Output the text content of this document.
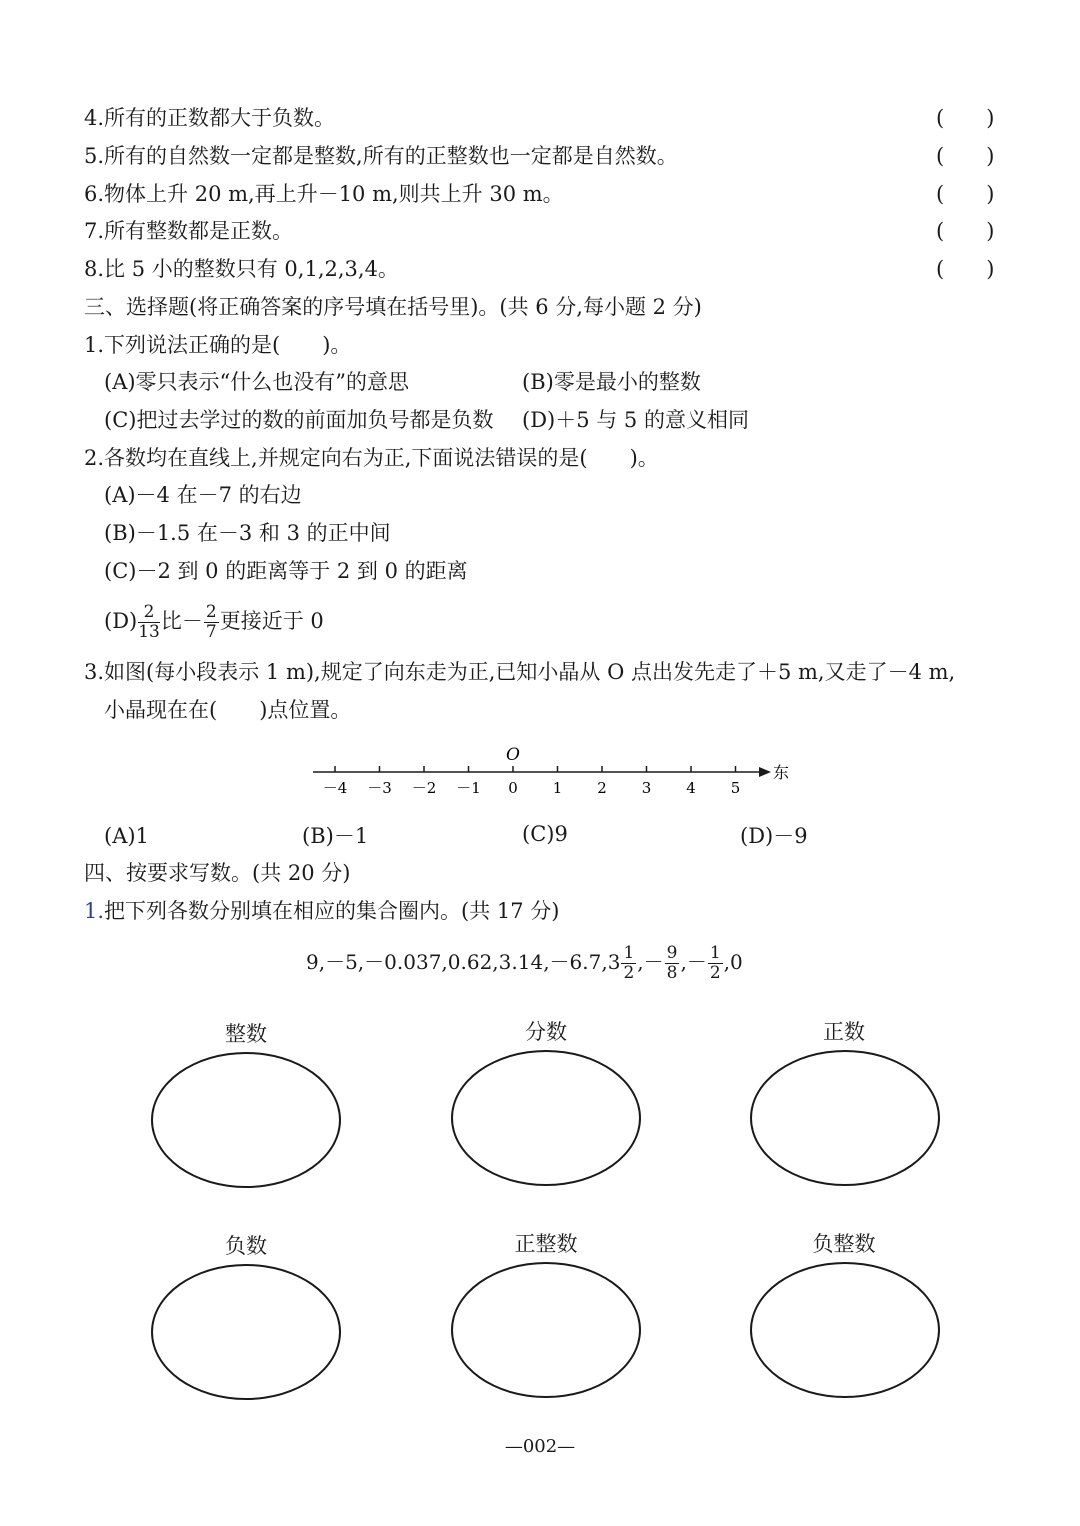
4.所有的正数都大于负数。	(　　)
5.所有的自然数一定都是整数,所有的正整数也一定都是自然数。	(　　)
6.物体上升 20 m,再上升－10 m,则共上升 30 m。	(　　)
7.所有整数都是正数。	(　　)
8.比 5 小的整数只有 0,1,2,3,4。	(　　)
三、选择题(将正确答案的序号填在括号里)。(共 6 分,每小题 2 分)
1.下列说法正确的是(　　)。
(A)零只表示“什么也没有”的意思	(B)零是最小的整数
(C)把过去学过的数的前面加负号都是负数 (D)＋5 与 5 的意义相同
2.各数均在直线上,并规定向右为正,下面说法错误的是(　　)。
(A)－4 在－7 的右边
(B)－1.5 在－3 和 3 的正中间
(C)－2 到 0 的距离等于 2 到 0 的距离
$(D) \frac{2}{13}$ 比－ $\frac{2}{7}$ 更接近于 0
3.如图(每小段表示 1 m),规定了向东走为正,已知小晶从 O 点出发先走了＋5 m,又走了－4 m,
小晶现在在(　　)点位置。
－4 －3 －2 －1 0 1 2 3 4 5
O
东
(A)1	(B)－1	(C)9	(D)－9
四、按要求写数。(共 20 分)
1.把下列各数分别填在相应的集合圈内。(共 17 分)
$9,-5,-0.037,0.62,3.14,-6.7,3 \frac{1}{2}$ ,－ $\frac{9}{8}$ ,－ $\frac{1}{2} ,0$
整数	分数	正数
负数	正整数	负整数
—002—
